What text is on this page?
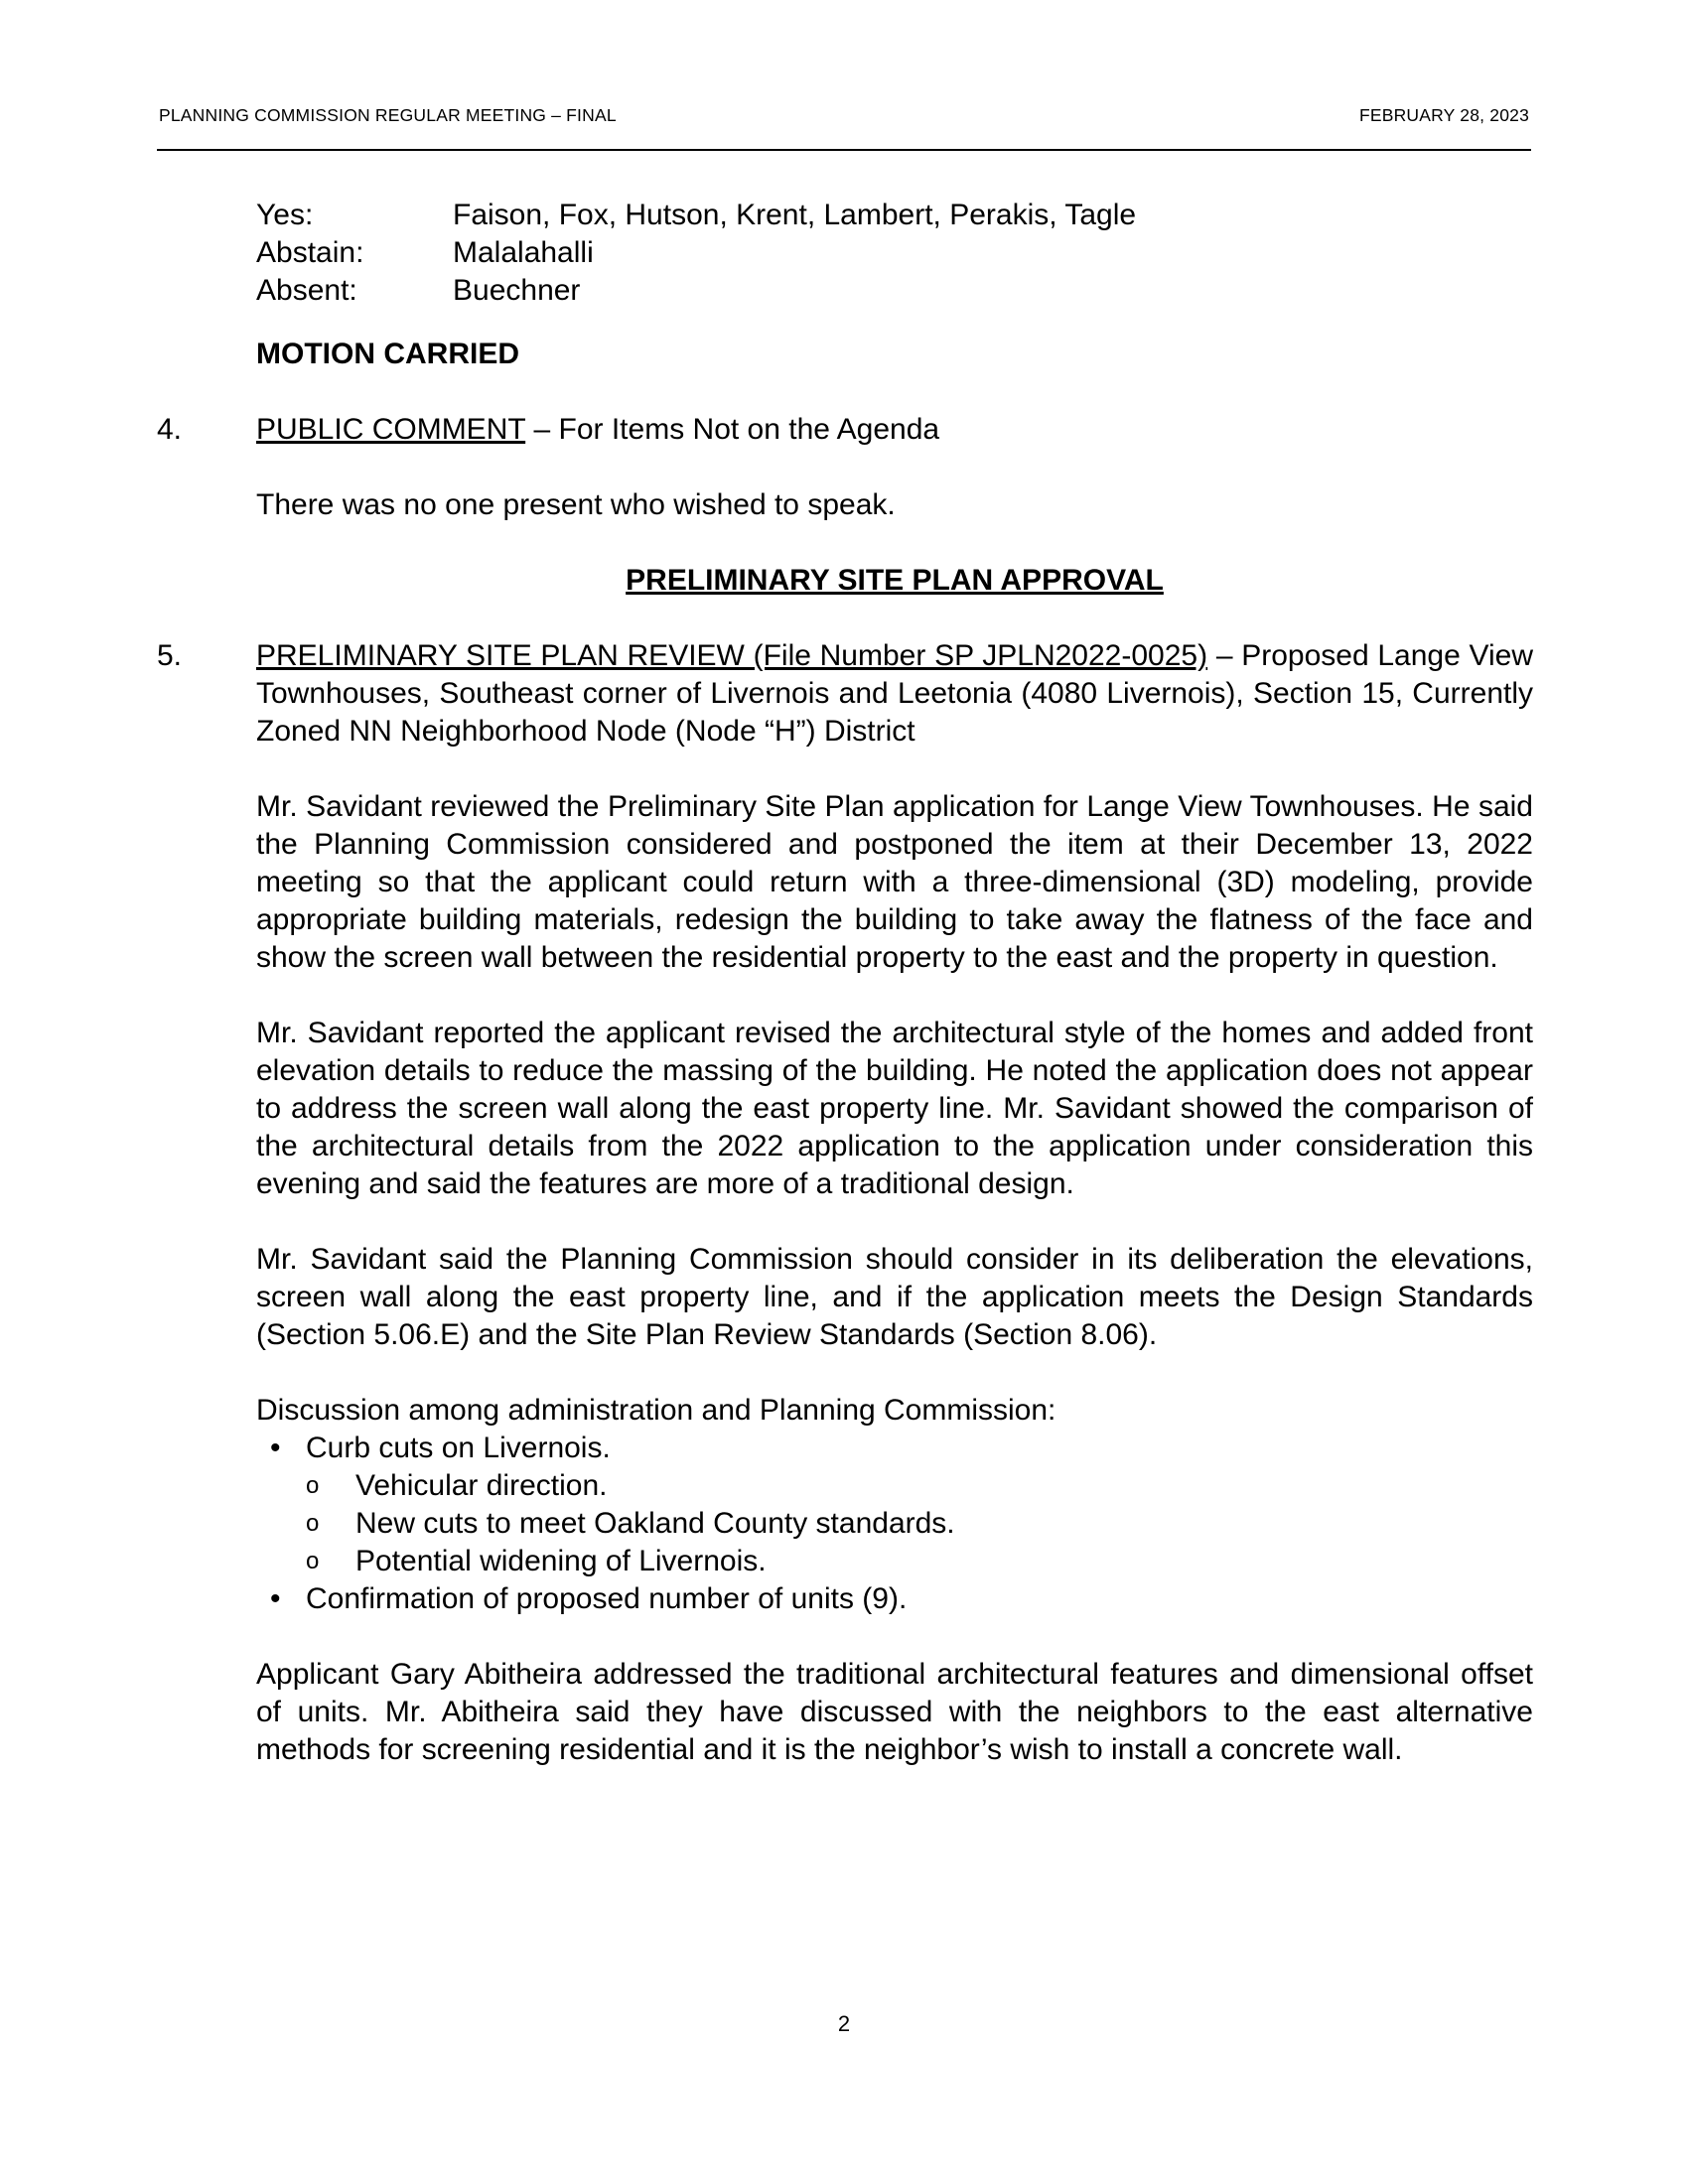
PLANNING COMMISSION REGULAR MEETING – FINAL	FEBRUARY 28, 2023
Yes:	Faison, Fox, Hutson, Krent, Lambert, Perakis, Tagle
Abstain:	Malalahalli
Absent:	Buechner

MOTION CARRIED

4. PUBLIC COMMENT – For Items Not on the Agenda

There was no one present who wished to speak.

PRELIMINARY SITE PLAN APPROVAL

5. PRELIMINARY SITE PLAN REVIEW (File Number SP JPLN2022-0025) – Proposed Lange View Townhouses, Southeast corner of Livernois and Leetonia (4080 Livernois), Section 15, Currently Zoned NN Neighborhood Node (Node “H”) District

Mr. Savidant reviewed the Preliminary Site Plan application for Lange View Townhouses. He said the Planning Commission considered and postponed the item at their December 13, 2022 meeting so that the applicant could return with a three-dimensional (3D) modeling, provide appropriate building materials, redesign the building to take away the flatness of the face and show the screen wall between the residential property to the east and the property in question.

Mr. Savidant reported the applicant revised the architectural style of the homes and added front elevation details to reduce the massing of the building. He noted the application does not appear to address the screen wall along the east property line. Mr. Savidant showed the comparison of the architectural details from the 2022 application to the application under consideration this evening and said the features are more of a traditional design.

Mr. Savidant said the Planning Commission should consider in its deliberation the elevations, screen wall along the east property line, and if the application meets the Design Standards (Section 5.06.E) and the Site Plan Review Standards (Section 8.06).

Discussion among administration and Planning Commission:

• Curb cuts on Livernois.
o Vehicular direction.
o New cuts to meet Oakland County standards.
o Potential widening of Livernois.
• Confirmation of proposed number of units (9).

Applicant Gary Abitheira addressed the traditional architectural features and dimensional offset of units. Mr. Abitheira said they have discussed with the neighbors to the east alternative methods for screening residential and it is the neighbor’s wish to install a concrete wall.

2
